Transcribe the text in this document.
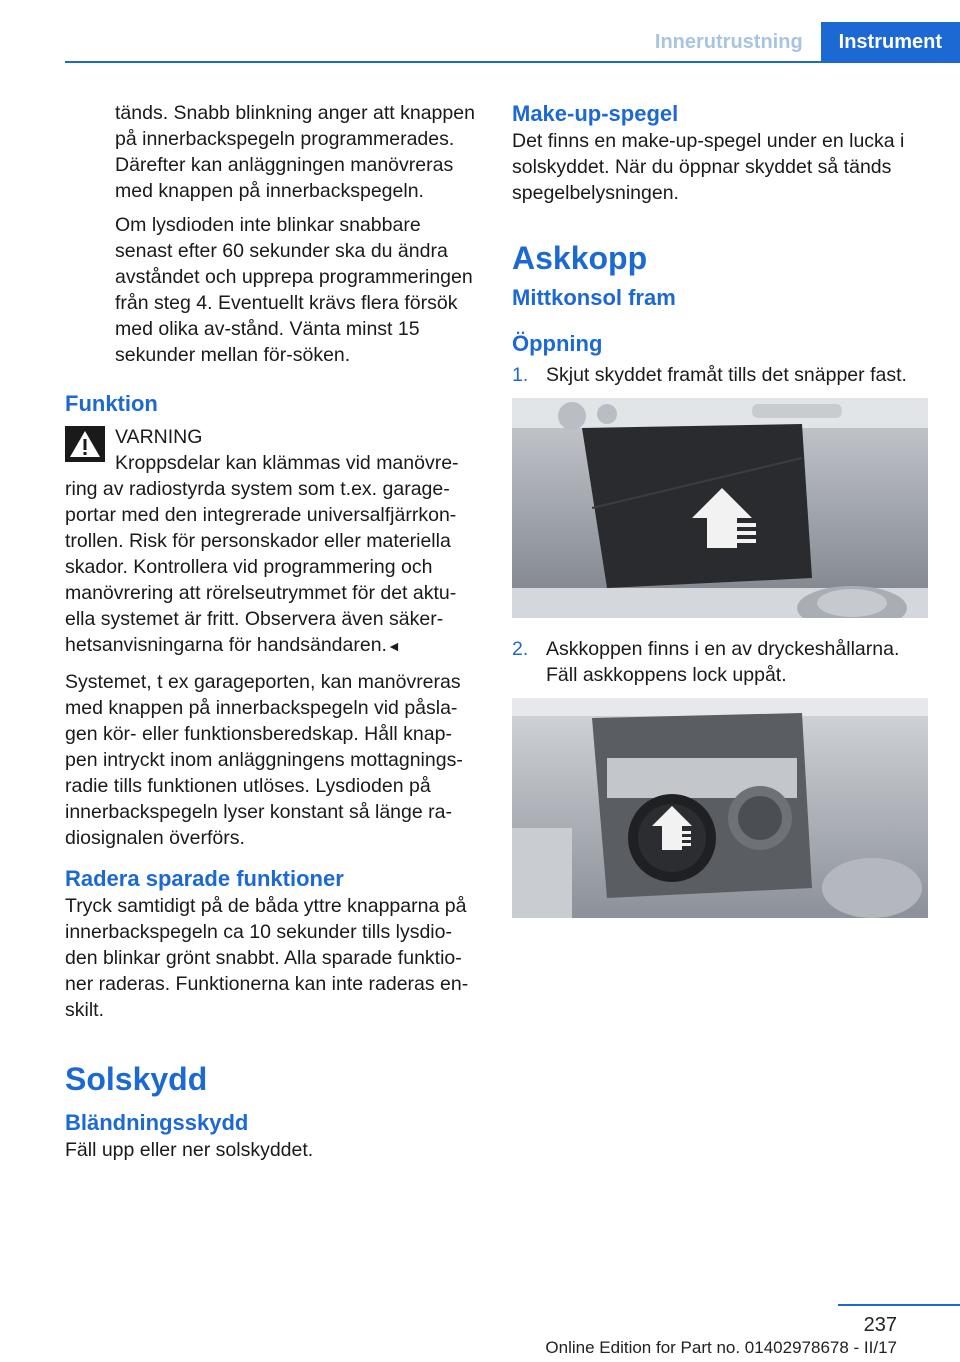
Innerutrustning	Instrument

tänds. Snabb blinkning anger att knappen på innerbackspegeln programmerades. Därefter kan anläggningen manövreras med knappen på innerbackspegeln.

Om lysdioden inte blinkar snabbare senast efter 60 sekunder ska du ändra avståndet och upprepa programmeringen från steg 4. Eventuellt krävs flera försök med olika av-stånd. Vänta minst 15 sekunder mellan för-söken.

Funktion
VARNING
Kroppsdelar kan klämmas vid manövre-

ring av radiostyrda system som t.ex. garage-portar med den integrerade universalfjärrkon-trollen. Risk för personskador eller materiella skador. Kontrollera vid programmering och manövrering att rörelseutrymmet för det aktu-ella systemet är fritt. Observera även säker-hetsanvisningarna för handsändaren.◄

Systemet, t ex garageporten, kan manövreras med knappen på innerbackspegeln vid påsla-gen kör- eller funktionsberedskap. Håll knap-pen intryckt inom anläggningens mottagnings-radie tills funktionen utlöses. Lysdioden på innerbackspegeln lyser konstant så länge ra-diosignalen överförs.

Radera sparade funktioner

Tryck samtidigt på de båda yttre knapparna på innerbackspegeln ca 10 sekunder tills lysdio-den blinkar grönt snabbt. Alla sparade funktio-ner raderas. Funktionerna kan inte raderas en-skilt.

Solskydd
Bländningsskydd

Fäll upp eller ner solskyddet.

Make-up-spegel

Det finns en make-up-spegel under en lucka i solskyddet. När du öppnar skyddet så tänds spegelbelysningen.

Askkopp
Mittkonsol fram
Öppning
1. Skjut skyddet framåt tills det snäpper fast.
2. Askkoppen finns i en av dryckeshållarna. Fäll askkoppens lock uppåt.
237
Online Edition for Part no. 01402978678 - II/17
